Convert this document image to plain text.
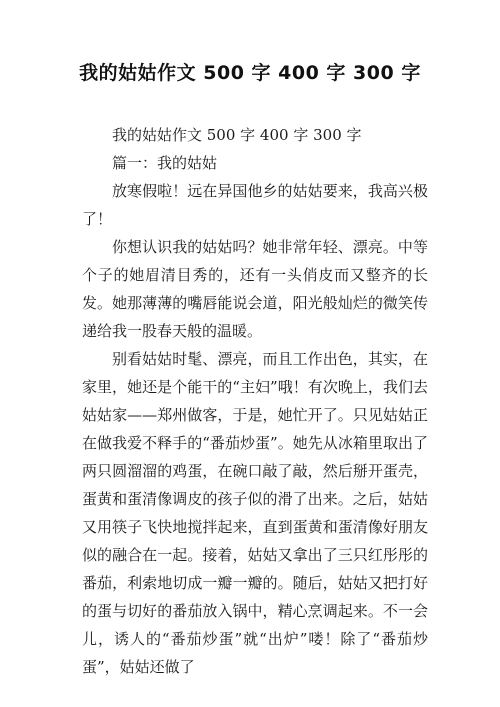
我的姑姑作文 500 字 400 字 300 字

我的姑姑作文 500 字 400 字 300 字

篇一：我的姑姑

放寒假啦！远在异国他乡的姑姑要来，我高兴极了！

你想认识我的姑姑吗？她非常年轻、漂亮。中等个子的她眉清目秀的，还有一头俏皮而又整齐的长发。她那薄薄的嘴唇能说会道，阳光般灿烂的微笑传递给我一股春天般的温暖。

别看姑姑时髦、漂亮，而且工作出色，其实，在家里，她还是个能干的“主妇”哦！有次晚上，我们去姑姑家——郑州做客，于是，她忙开了。只见姑姑正在做我爱不释手的“番茄炒蛋”。她先从冰箱里取出了两只圆溜溜的鸡蛋，在碗口敲了敲，然后掰开蛋壳，蛋黄和蛋清像调皮的孩子似的滑了出来。之后，姑姑又用筷子飞快地搅拌起来，直到蛋黄和蛋清像好朋友似的融合在一起。接着，姑姑又拿出了三只红彤彤的番茄，利索地切成一瓣一瓣的。随后，姑姑又把打好的蛋与切好的番茄放入锅中，精心烹调起来。不一会儿，诱人的“番茄炒蛋”就“出炉”喽！除了“番茄炒蛋”，姑姑还做了
